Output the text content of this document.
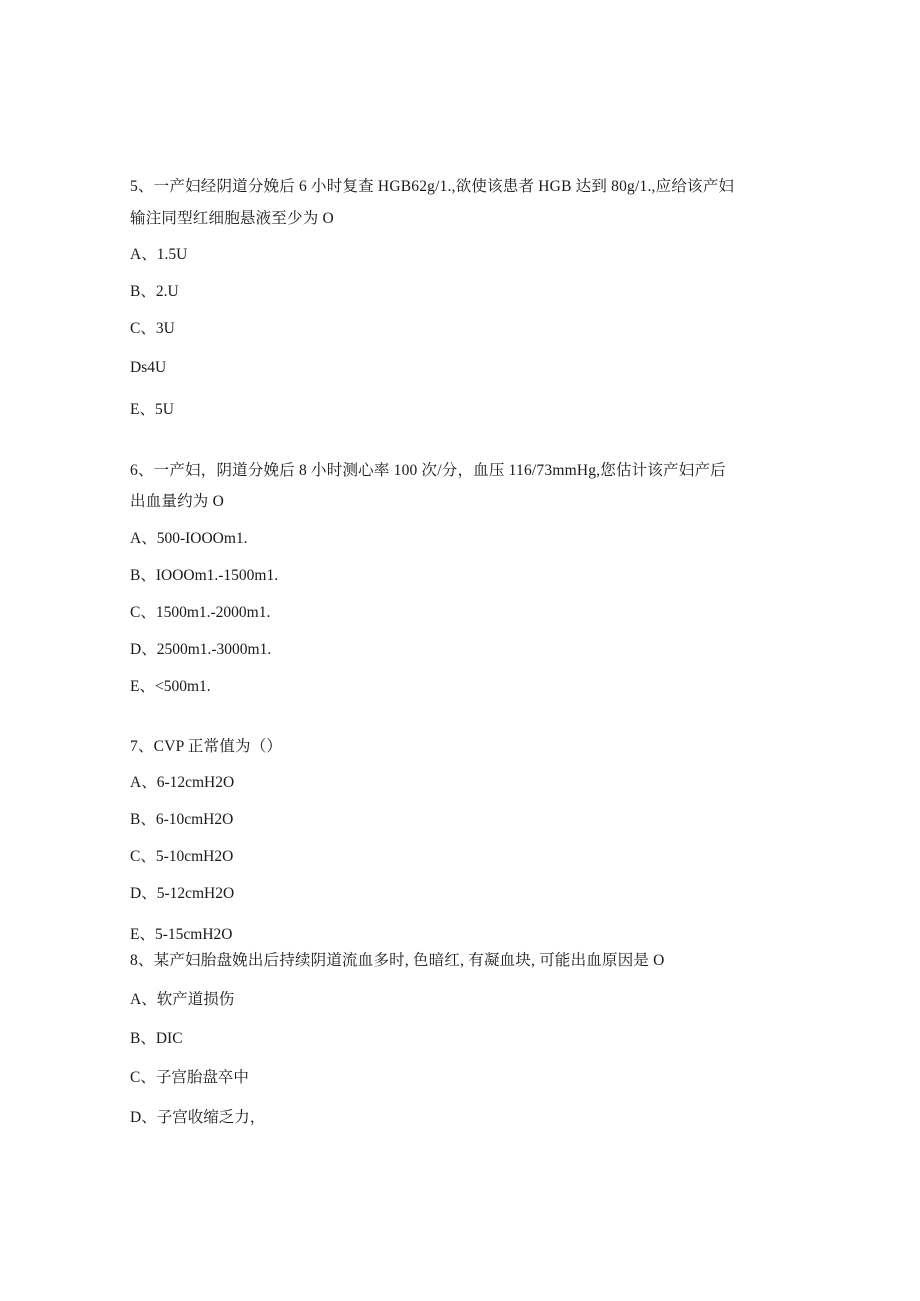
5、一产妇经阴道分娩后 6 小时复查 HGB62g/1.,欲使该患者 HGB 达到 80g/1.,应给该产妇
输注同型红细胞悬液至少为 O
A、1.5U
B、2.U
C、3U
Ds4U
E、5U
6、一产妇，阴道分娩后 8 小时测心率 100 次/分，血压 116/73mmHg,您估计该产妇产后
出血量约为 O
A、500-IOOOm1.
B、IOOOm1.-1500m1.
C、1500m1.-2000m1.
D、2500m1.-3000m1.
E、<500m1.
7、CVP 正常值为（）
A、6-12cmH2O
B、6-10cmH2O
C、5-10cmH2O
D、5-12cmH2O
E、5-15cmH2O
8、某产妇胎盘娩出后持续阴道流血多时, 色暗红, 有凝血块, 可能出血原因是 O
A、软产道损伤
B、DIC
C、子宫胎盘卒中
D、子宫收缩乏力，
